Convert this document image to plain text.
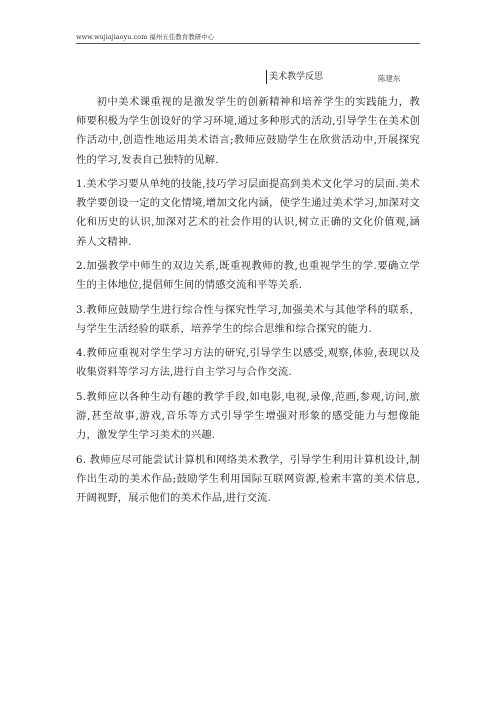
www.wujiajiaoyu.com 福州五佳教育教研中心
美术教学反思	陈建东

初中美术课重视的是激发学生的创新精神和培养学生的实践能力，教师要积极为学生创设好的学习环境,通过多种形式的活动,引导学生在美术创作活动中,创造性地运用美术语言;教师应鼓励学生在欣赏活动中,开展探究性的学习,发表自己独特的见解.

1.美术学习要从单纯的技能,技巧学习层面提高到美术文化学习的层面.美术教学要创设一定的文化情境,增加文化内涵，使学生通过美术学习,加深对文化和历史的认识,加深对艺术的社会作用的认识,树立正确的文化价值观,涵养人文精神.

2.加强教学中师生的双边关系,既重视教师的教,也重视学生的学.要确立学生的主体地位,提倡师生间的情感交流和平等关系.

3.教师应鼓励学生进行综合性与探究性学习,加强美术与其他学科的联系，与学生生活经验的联系，培养学生的综合思维和综合探究的能力.

4.教师应重视对学生学习方法的研究,引导学生以感受,观察,体验,表现以及收集资料等学习方法,进行自主学习与合作交流.

5.教师应以各种生动有趣的教学手段,如电影,电视,录像,范画,参观,访问,旅游,甚至故事,游戏,音乐等方式引导学生增强对形象的感受能力与想像能力，激发学生学习美术的兴趣.

6. 教师应尽可能尝试计算机和网络美术教学，引导学生利用计算机设计,制作出生动的美术作品;鼓励学生利用国际互联网资源,检索丰富的美术信息,开阔视野，展示他们的美术作品,进行交流.
